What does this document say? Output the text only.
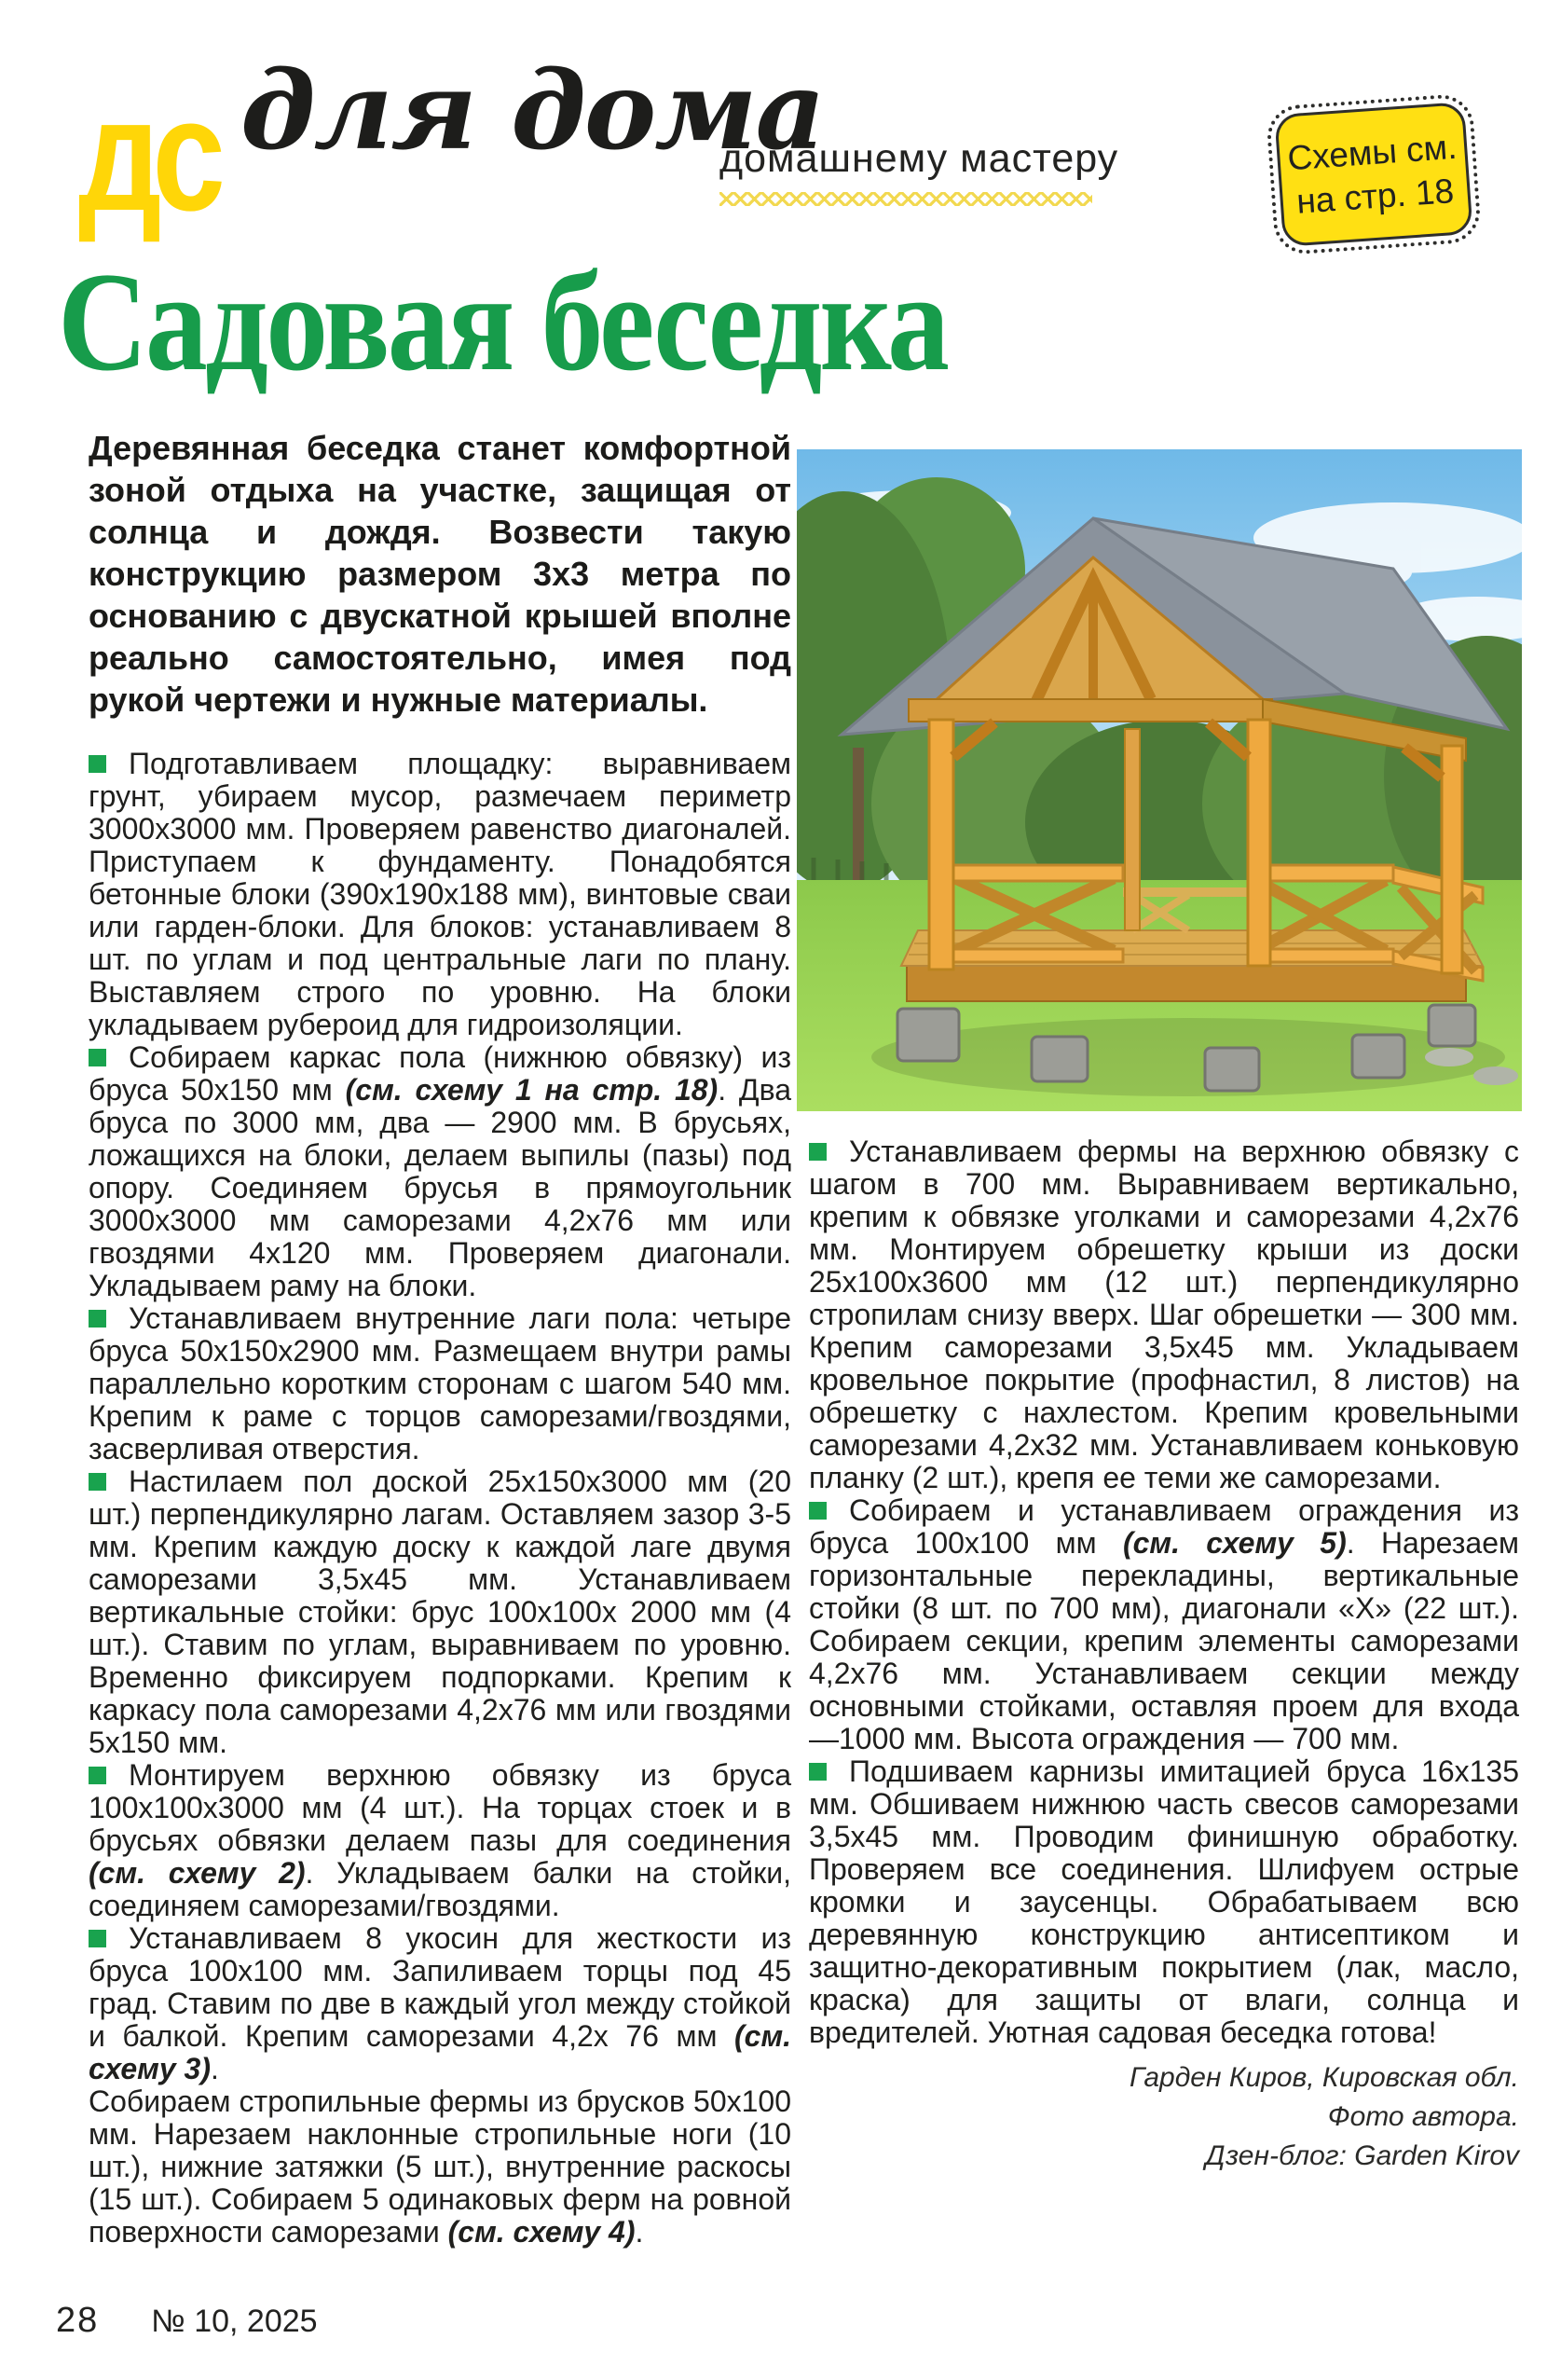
дс для дома
домашнему мастеру	Схемы см.
на стр. 18
Садовая беседка

Деревянная беседка станет комфортной зоной отдыха на участке, защищая от солнца и дождя. Возвести такую конструкцию размером 3х3 метра по основанию с двускатной крышей вполне реально самостоятельно, имея под рукой чертежи и нужные материалы.

Подготавливаем площадку: выравниваем грунт, убираем мусор, размечаем периметр 3000х3000 мм. Проверяем равенство диагоналей. Приступаем к фундаменту. Понадобятся бетонные блоки (390х190х188 мм), винтовые сваи или гарден-блоки. Для блоков: устанавливаем 8 шт. по углам и под центральные лаги по плану. Выставляем строго по уровню. На блоки укладываем рубероид для гидроизоляции.

Собираем каркас пола (нижнюю обвязку) из бруса 50х150 мм (см. схему 1 на стр. 18). Два бруса по 3000 мм, два — 2900 мм. В брусьях, ложащихся на блоки, делаем выпилы (пазы) под опору. Соединяем брусья в прямоугольник 3000х3000 мм саморезами 4,2х76 мм или гвоздями 4х120 мм. Проверяем диагонали. Укладываем раму на блоки.

Устанавливаем внутренние лаги пола: четыре бруса 50х150х2900 мм. Размещаем внутри рамы параллельно коротким сторонам с шагом 540 мм. Крепим к раме с торцов саморезами/гвоздями, засверливая отверстия.

Настилаем пол доской 25х150х3000 мм (20 шт.) перпендикулярно лагам. Оставляем зазор 3-5 мм. Крепим каждую доску к каждой лаге двумя саморезами 3,5х45 мм. Устанавливаем вертикальные стойки: брус 100х100х 2000 мм (4 шт.). Ставим по углам, выравниваем по уровню. Временно фиксируем подпорками. Крепим к каркасу пола саморезами 4,2х76 мм или гвоздями 5х150 мм.

Монтируем верхнюю обвязку из бруса 100х100х3000 мм (4 шт.). На торцах стоек и в брусьях обвязки делаем пазы для соединения (см. схему 2). Укладываем балки на стойки, соединяем саморезами/гвоздями.

Устанавливаем 8 укосин для жесткости из бруса 100х100 мм. Запиливаем торцы под 45 град. Ставим по две в каждый угол между стойкой и балкой. Крепим саморезами 4,2х 76 мм (см. схему 3).

Собираем стропильные фермы из брусков 50х100 мм. Нарезаем наклонные стропильные ноги (10 шт.), нижние затяжки (5 шт.), внутренние раскосы (15 шт.). Собираем 5 одинаковых ферм на ровной поверхности саморезами (см. схему 4).

Устанавливаем фермы на верхнюю обвязку с шагом в 700 мм. Выравниваем вертикально, крепим к обвязке уголками и саморезами 4,2х76 мм. Монтируем обрешетку крыши из доски 25х100х3600 мм (12 шт.) перпендикулярно стропилам снизу вверх. Шаг обрешетки — 300 мм. Крепим саморезами 3,5х45 мм. Укладываем кровельное покрытие (профнастил, 8 листов) на обрешетку с нахлестом. Крепим кровельными саморезами 4,2х32 мм. Устанавливаем коньковую планку (2 шт.), крепя ее теми же саморезами.

Собираем и устанавливаем ограждения из бруса 100х100 мм (см. схему 5). Нарезаем горизонтальные перекладины, вертикальные стойки (8 шт. по 700 мм), диагонали «Х» (22 шт.). Собираем секции, крепим элементы саморезами 4,2х76 мм. Устанавливаем секции между основными стойками, оставляя проем для входа —1000 мм. Высота ограждения — 700 мм.

Подшиваем карнизы имитацией бруса 16х135 мм. Обшиваем нижнюю часть свесов саморезами 3,5х45 мм. Проводим финишную обработку. Проверяем все соединения. Шлифуем острые кромки и заусенцы. Обрабатываем всю деревянную конструкцию антисептиком и защитно-декоративным покрытием (лак, масло, краска) для защиты от влаги, солнца и вредителей. Уютная садовая беседка готова!

Гарден Киров, Кировская обл.
Фото автора.
Дзен-блог: Garden Kirov
28 № 10, 2025
